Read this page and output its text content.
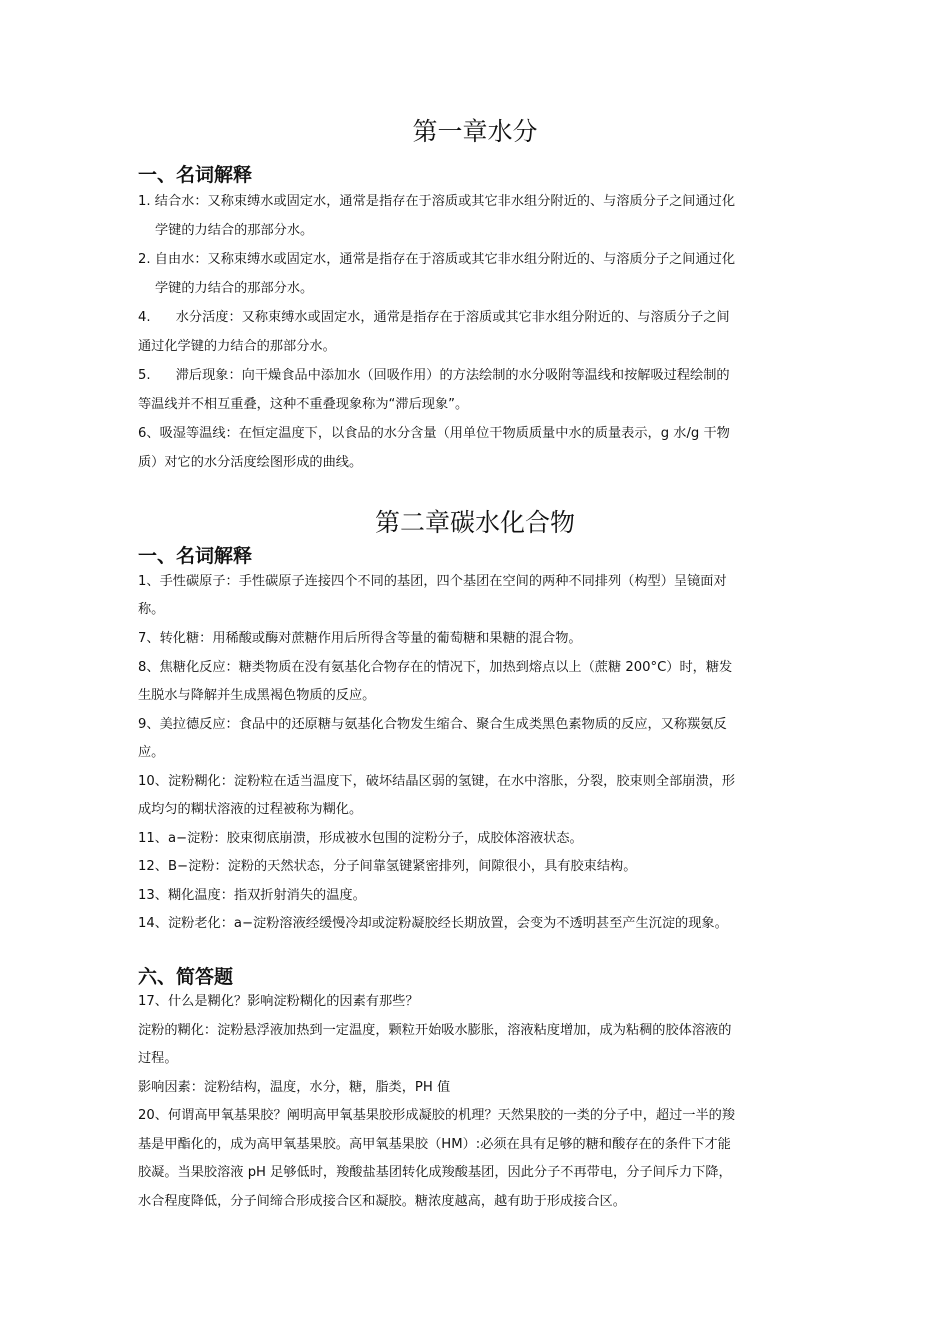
第一章水分
一、名词解释
1. 结合水：又称束缚水或固定水，通常是指存在于溶质或其它非水组分附近的、与溶质分子之间通过化
学键的力结合的那部分水。
2. 自由水：又称束缚水或固定水，通常是指存在于溶质或其它非水组分附近的、与溶质分子之间通过化
学键的力结合的那部分水。
4.      水分活度：又称束缚水或固定水，通常是指存在于溶质或其它非水组分附近的、与溶质分子之间
通过化学键的力结合的那部分水。
5.      滞后现象：向干燥食品中添加水（回吸作用）的方法绘制的水分吸附等温线和按解吸过程绘制的
等温线并不相互重叠，这种不重叠现象称为“滞后现象”。
6、吸湿等温线：在恒定温度下，以食品的水分含量（用单位干物质质量中水的质量表示，g 水/g 干物
质）对它的水分活度绘图形成的曲线。
第二章碳水化合物
一、名词解释
1、手性碳原子：手性碳原子连接四个不同的基团，四个基团在空间的两种不同排列（构型）呈镜面对
称。
7、转化糖：用稀酸或酶对蔗糖作用后所得含等量的葡萄糖和果糖的混合物。
8、焦糖化反应：糖类物质在没有氨基化合物存在的情况下，加热到熔点以上（蔗糖 200°C）时，糖发
生脱水与降解并生成黑褐色物质的反应。
9、美拉德反应：食品中的还原糖与氨基化合物发生缩合、聚合生成类黑色素物质的反应，又称羰氨反
应。
10、淀粉糊化：淀粉粒在适当温度下，破坏结晶区弱的氢键，在水中溶胀，分裂，胶束则全部崩溃，形
成均匀的糊状溶液的过程被称为糊化。
11、a−淀粉：胶束彻底崩溃，形成被水包围的淀粉分子，成胶体溶液状态。
12、Β−淀粉：淀粉的天然状态，分子间靠氢键紧密排列，间隙很小，具有胶束结构。
13、糊化温度：指双折射消失的温度。
14、淀粉老化：a−淀粉溶液经缓慢冷却或淀粉凝胶经长期放置，会变为不透明甚至产生沉淀的现象。
六、简答题
17、什么是糊化？影响淀粉糊化的因素有那些？
淀粉的糊化：淀粉悬浮液加热到一定温度，颗粒开始吸水膨胀，溶液粘度增加，成为粘稠的胶体溶液的
过程。
影响因素：淀粉结构，温度，水分，糖，脂类，PH 值
20、何谓高甲氧基果胶？阐明高甲氧基果胶形成凝胶的机理？天然果胶的一类的分子中，超过一半的羧
基是甲酯化的，成为高甲氧基果胶。高甲氧基果胶（HM）:必须在具有足够的糖和酸存在的条件下才能
胶凝。当果胶溶液 pH 足够低时，羧酸盐基团转化成羧酸基团，因此分子不再带电，分子间斥力下降，
水合程度降低，分子间缔合形成接合区和凝胶。糖浓度越高，越有助于形成接合区。
